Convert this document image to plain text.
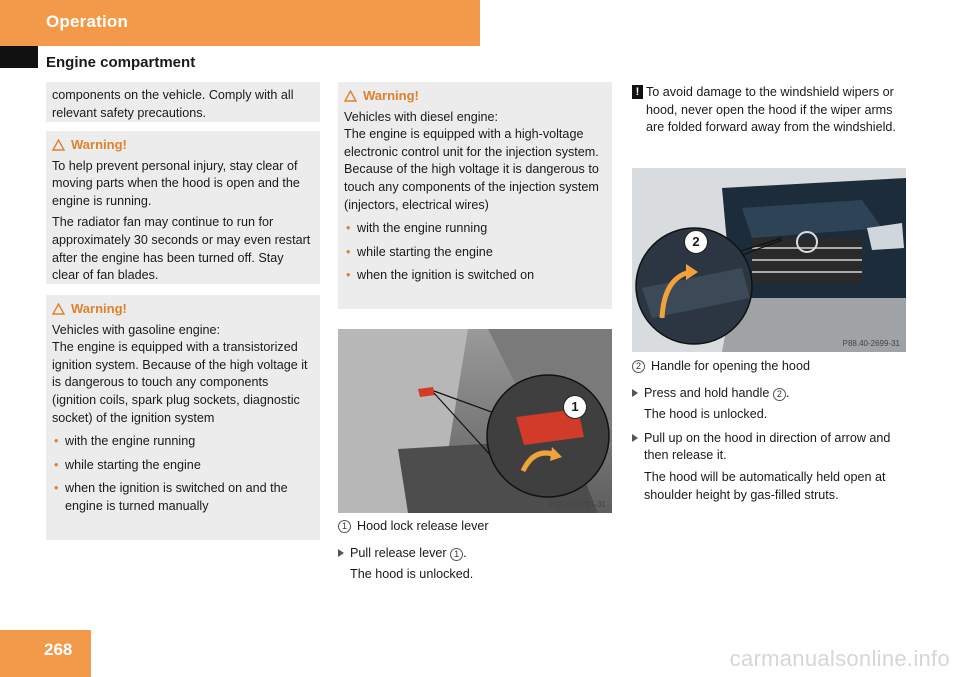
Operation
Engine compartment

components on the vehicle. Comply with all relevant safety precautions.

Warning!

To help prevent personal injury, stay clear of moving parts when the hood is open and the engine is running.

The radiator fan may continue to run for approximately 30 seconds or may even restart after the engine has been turned off. Stay clear of fan blades.

Warning!

Vehicles with gasoline engine:

The engine is equipped with a transistorized ignition system. Because of the high voltage it is dangerous to touch any components (ignition coils, spark plug sockets, diagnostic socket) of the ignition system

• with the engine running
• while starting the engine
• when the ignition is switched on and the engine is turned manually
Warning!

Vehicles with diesel engine:

The engine is equipped with a high-voltage electronic control unit for the injection system. Because of the high voltage it is dangerous to touch any components of the injection system (injectors, electrical wires)

• with the engine running
• while starting the engine
• when the ignition is switched on
1
P88.40-2701-31

1 Hood lock release lever

Pull release lever 1 .

The hood is unlocked.

! To avoid damage to the windshield wipers or hood, never open the hood if the wiper arms are folded forward away from the windshield.

2
P88.40-2699-31

2 Handle for opening the hood

Press and hold handle 2 .

The hood is unlocked.

Pull up on the hood in direction of arrow and then release it.

The hood will be automatically held open at shoulder height by gas-filled struts.

268	carmanualsonline.info
